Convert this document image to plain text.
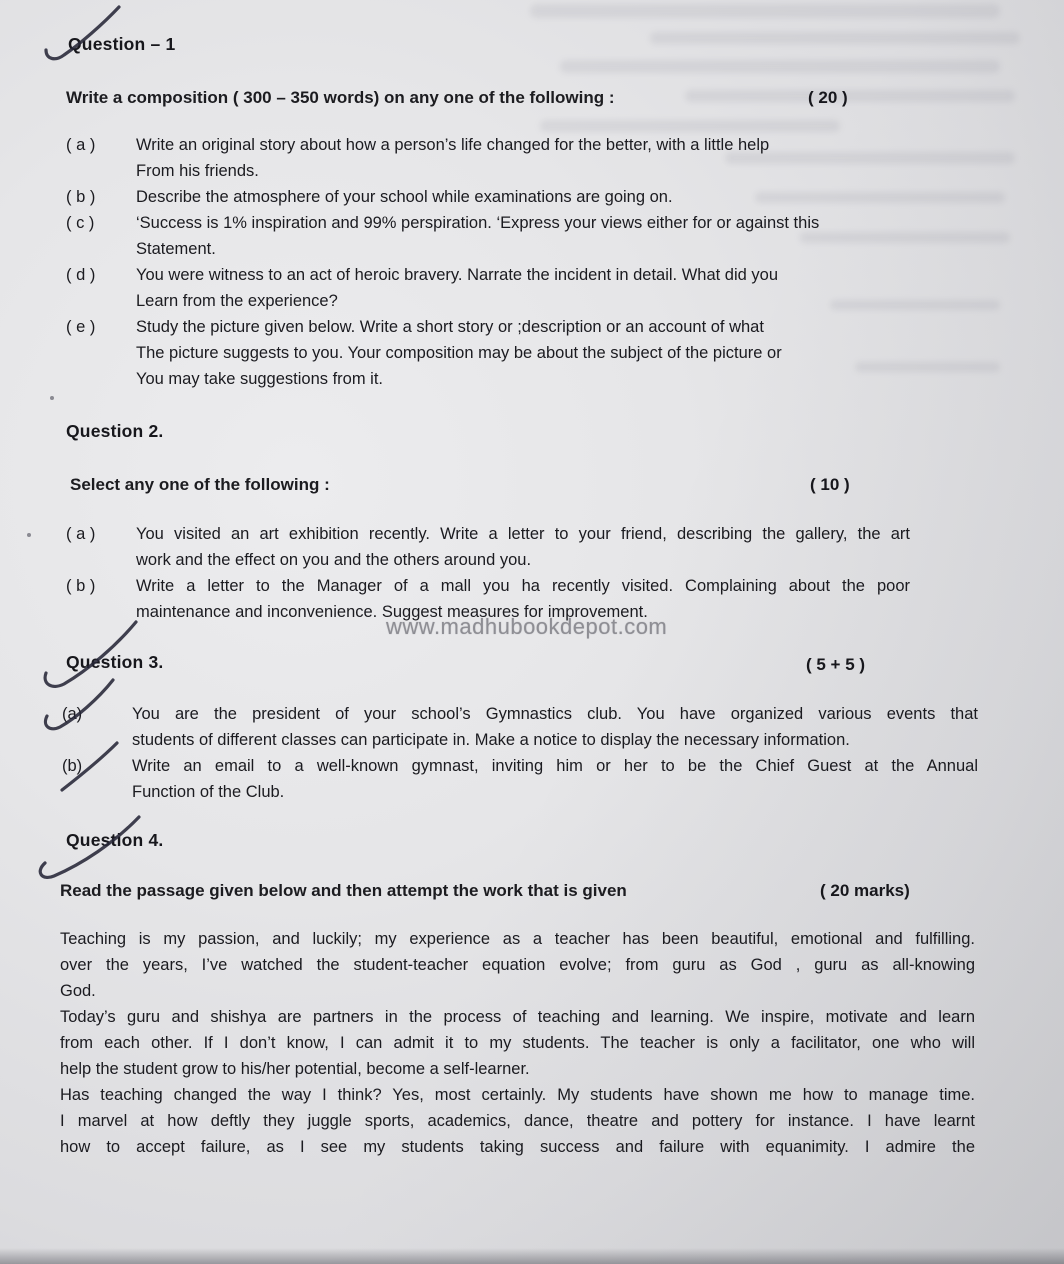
Question – 1
Write a composition ( 300 – 350 words) on any one of the following :	( 20 )
( a ) Write an original story about how a person’s life changed for the better, with a little help
From his friends.
( b ) Describe the atmosphere of your school while examinations are going on.
( c )	‘Success is 1% inspiration and 99% perspiration. ‘Express your views either for or against this
Statement.
( d ) You were witness to an act of heroic bravery. Narrate the incident in detail. What did you
Learn from the experience?
( e ) Study the picture given below. Write a short story or ;description or an account of what
The picture suggests to you. Your composition may be about the subject of the picture or
You may take suggestions from it.
Question 2.
Select any one of the following :	( 10 )
( a ) You visited an art exhibition recently. Write a letter to your friend, describing the gallery, the art
work and the effect on you and the others around you.
( b ) Write a letter to the Manager of a mall you ha recently visited. Complaining about the poor
maintenance and inconvenience. Suggest measures for improvement.
www.madhubookdepot.com
Question 3.	( 5 + 5 )
(a)	You are the president of your school’s Gymnastics club. You have organized various events that
students of different classes can participate in. Make a notice to display the necessary information.
(b)	Write an email to a well-known gymnast, inviting him or her to be the Chief Guest at the Annual
Function of the Club.
Question 4.
Read the passage given below and then attempt the work that is given	( 20 marks)
Teaching is my passion, and luckily; my experience as a teacher has been beautiful, emotional and fulfilling.
over the years, I’ve watched the student-teacher equation evolve; from guru as God , guru as all-knowing
God.
Today’s guru and shishya are partners in the process of teaching and learning. We inspire, motivate and learn
from each other. If I don’t know, I can admit it to my students. The teacher is only a facilitator, one who will
help the student grow to his/her potential, become a self-learner.
Has teaching changed the way I think? Yes, most certainly. My students have shown me how to manage time.
I marvel at how deftly they juggle sports, academics, dance, theatre and pottery for instance. I have learnt
how to accept failure, as I see my students taking success and failure with equanimity. I admire the
